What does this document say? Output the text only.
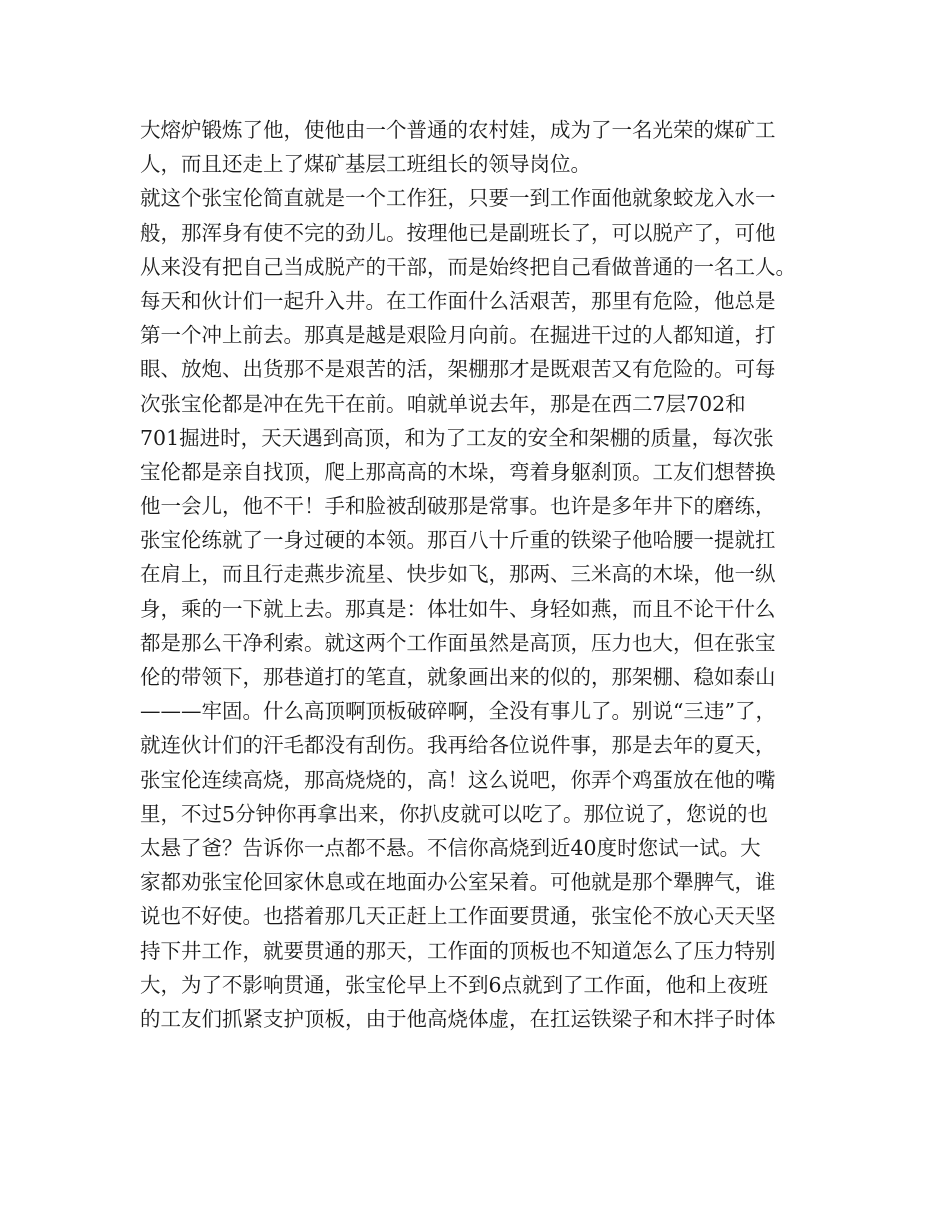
大熔炉锻炼了他，使他由一个普通的农村娃，成为了一名光荣的煤矿工
人，而且还走上了煤矿基层工班组长的领导岗位。
就这个张宝伦简直就是一个工作狂，只要一到工作面他就象蛟龙入水一
般，那浑身有使不完的劲儿。按理他已是副班长了，可以脱产了，可他
从来没有把自己当成脱产的干部，而是始终把自己看做普通的一名工人。
每天和伙计们一起升入井。在工作面什么活艰苦，那里有危险，他总是
第一个冲上前去。那真是越是艰险月向前。在掘进干过的人都知道，打
眼、放炮、出货那不是艰苦的活，架棚那才是既艰苦又有危险的。可每
次张宝伦都是冲在先干在前。咱就单说去年，那是在西二7层702和
701掘进时，天天遇到高顶，和为了工友的安全和架棚的质量，每次张
宝伦都是亲自找顶，爬上那高高的木垛，弯着身躯刹顶。工友们想替换
他一会儿，他不干！手和脸被刮破那是常事。也许是多年井下的磨练，
张宝伦练就了一身过硬的本领。那百八十斤重的铁梁子他哈腰一提就扛
在肩上，而且行走燕步流星、快步如飞，那两、三米高的木垛，他一纵
身，乘的一下就上去。那真是：体壮如牛、身轻如燕，而且不论干什么
都是那么干净利索。就这两个工作面虽然是高顶，压力也大，但在张宝
伦的带领下，那巷道打的笔直，就象画出来的似的，那架棚、稳如泰山
———牢固。什么高顶啊顶板破碎啊，全没有事儿了。别说“三违”了，
就连伙计们的汗毛都没有刮伤。我再给各位说件事，那是去年的夏天，
张宝伦连续高烧，那高烧烧的，高！这么说吧，你弄个鸡蛋放在他的嘴
里，不过5分钟你再拿出来，你扒皮就可以吃了。那位说了，您说的也
太悬了爸？告诉你一点都不悬。不信你高烧到近40度时您试一试。大
家都劝张宝伦回家休息或在地面办公室呆着。可他就是那个犟脾气，谁
说也不好使。也搭着那几天正赶上工作面要贯通，张宝伦不放心天天坚
持下井工作，就要贯通的那天，工作面的顶板也不知道怎么了压力特别
大，为了不影响贯通，张宝伦早上不到6点就到了工作面，他和上夜班
的工友们抓紧支护顶板，由于他高烧体虚，在扛运铁梁子和木拌子时体
